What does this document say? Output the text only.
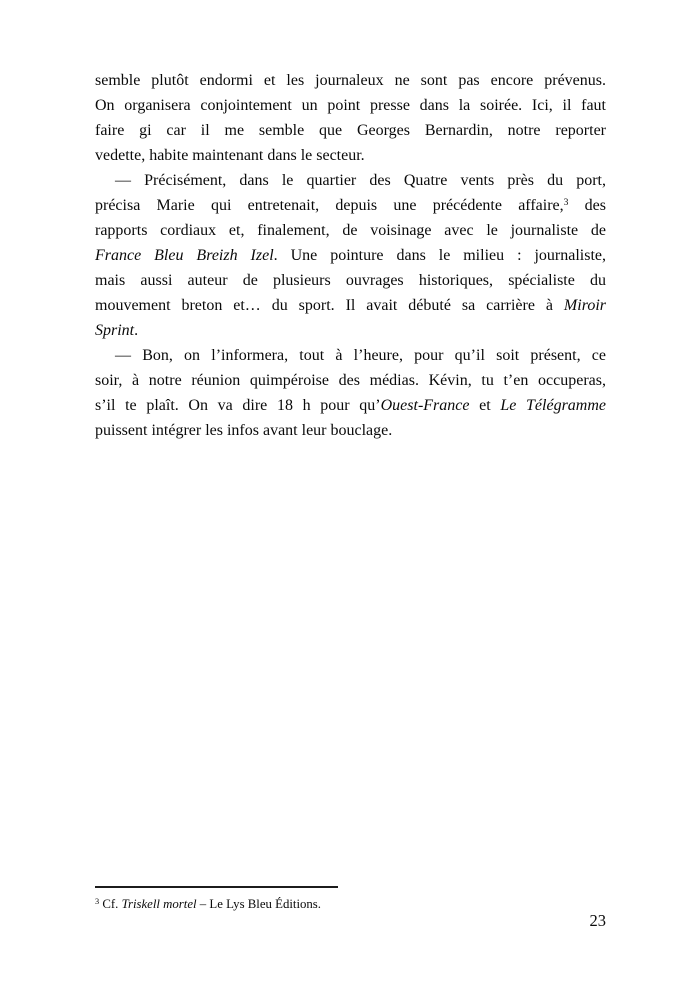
semble plutôt endormi et les journaleux ne sont pas encore prévenus.
On organisera conjointement un point presse dans la soirée. Ici, il faut
faire gi car il me semble que Georges Bernardin, notre reporter
vedette, habite maintenant dans le secteur.

— Précisément, dans le quartier des Quatre vents près du port,
précisa Marie qui entretenait, depuis une précédente affaire,$^3$ des
rapports cordiaux et, finalement, de voisinage avec le journaliste de
France Bleu Breizh Izel. Une pointure dans le milieu : journaliste,
mais aussi auteur de plusieurs ouvrages historiques, spécialiste du
mouvement breton et… du sport. Il avait débuté sa carrière à Miroir
Sprint.

— Bon, on l’informera, tout à l’heure, pour qu’il soit présent, ce
soir, à notre réunion quimpéroise des médias. Kévin, tu t’en occuperas,
s’il te plaît. On va dire 18 h pour qu’Ouest-France et Le Télégramme
puissent intégrer les infos avant leur bouclage.

$^3$ Cf. Triskell mortel – Le Lys Bleu Éditions.

23
